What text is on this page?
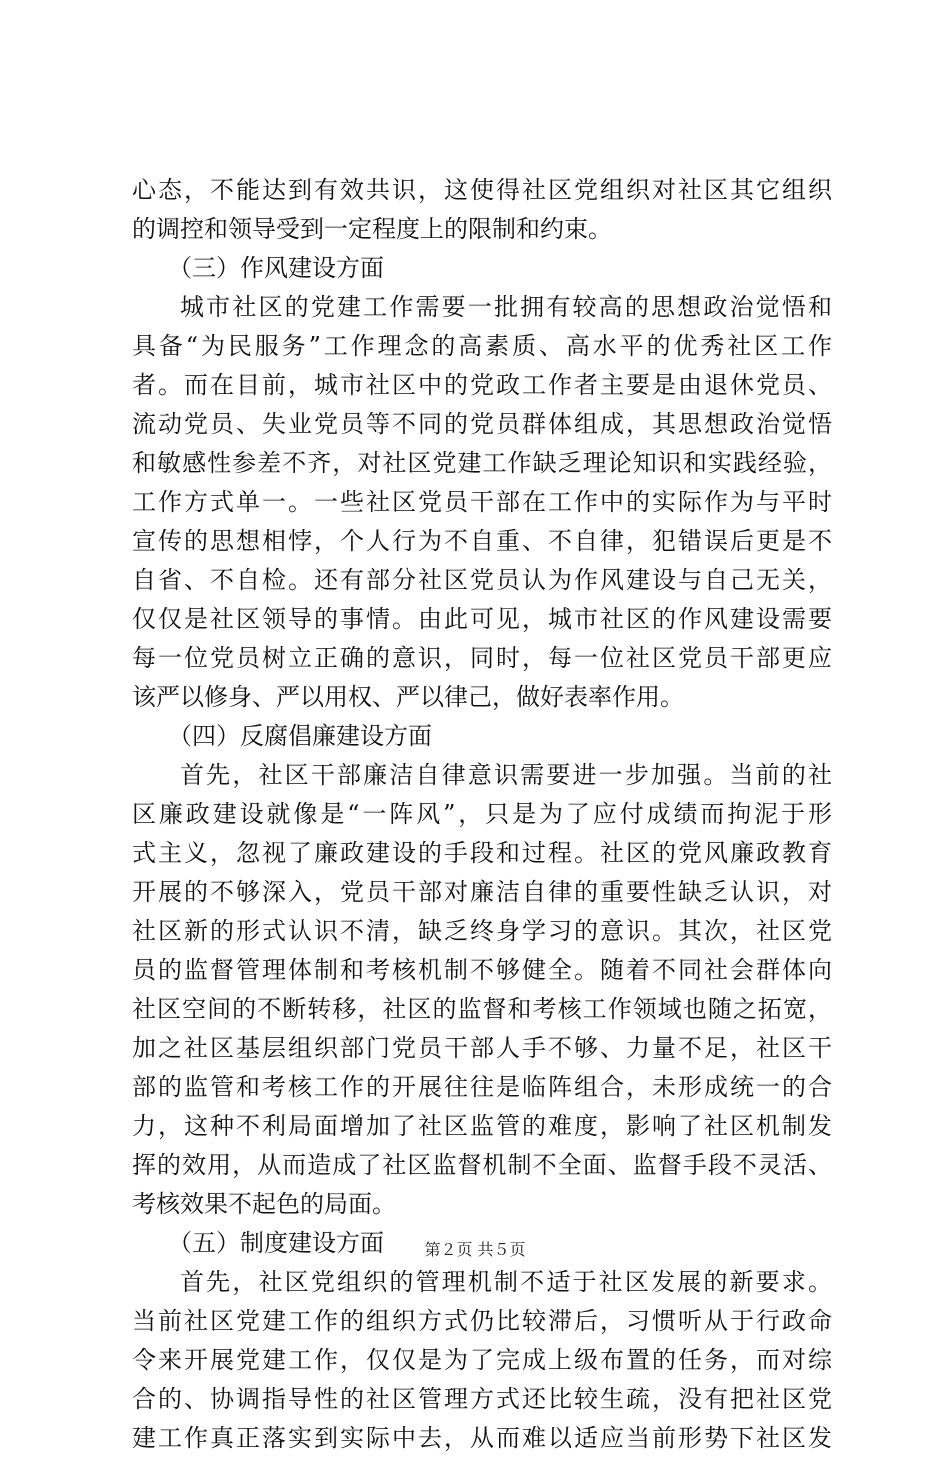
心态，不能达到有效共识，这使得社区党组织对社区其它组织
的调控和领导受到一定程度上的限制和约束。
（三）作风建设方面
城市社区的党建工作需要一批拥有较高的思想政治觉悟和
具备“为民服务”工作理念的高素质、高水平的优秀社区工作
者。而在目前，城市社区中的党政工作者主要是由退休党员、
流动党员、失业党员等不同的党员群体组成，其思想政治觉悟
和敏感性参差不齐，对社区党建工作缺乏理论知识和实践经验，
工作方式单一。一些社区党员干部在工作中的实际作为与平时
宣传的思想相悖，个人行为不自重、不自律，犯错误后更是不
自省、不自检。还有部分社区党员认为作风建设与自己无关，
仅仅是社区领导的事情。由此可见，城市社区的作风建设需要
每一位党员树立正确的意识，同时，每一位社区党员干部更应
该严以修身、严以用权、严以律己，做好表率作用。
（四）反腐倡廉建设方面
首先，社区干部廉洁自律意识需要进一步加强。当前的社
区廉政建设就像是“一阵风”，只是为了应付成绩而拘泥于形
式主义，忽视了廉政建设的手段和过程。社区的党风廉政教育
开展的不够深入，党员干部对廉洁自律的重要性缺乏认识，对
社区新的形式认识不清，缺乏终身学习的意识。其次，社区党
员的监督管理体制和考核机制不够健全。随着不同社会群体向
社区空间的不断转移，社区的监督和考核工作领域也随之拓宽，
加之社区基层组织部门党员干部人手不够、力量不足，社区干
部的监管和考核工作的开展往往是临阵组合，未形成统一的合
力，这种不利局面增加了社区监管的难度，影响了社区机制发
挥的效用，从而造成了社区监督机制不全面、监督手段不灵活、
考核效果不起色的局面。
（五）制度建设方面
首先，社区党组织的管理机制不适于社区发展的新要求。
当前社区党建工作的组织方式仍比较滞后，习惯听从于行政命
令来开展党建工作，仅仅是为了完成上级布置的任务，而对综
合的、协调指导性的社区管理方式还比较生疏，没有把社区党
建工作真正落实到实际中去，从而难以适应当前形势下社区发
第２页 共５页
